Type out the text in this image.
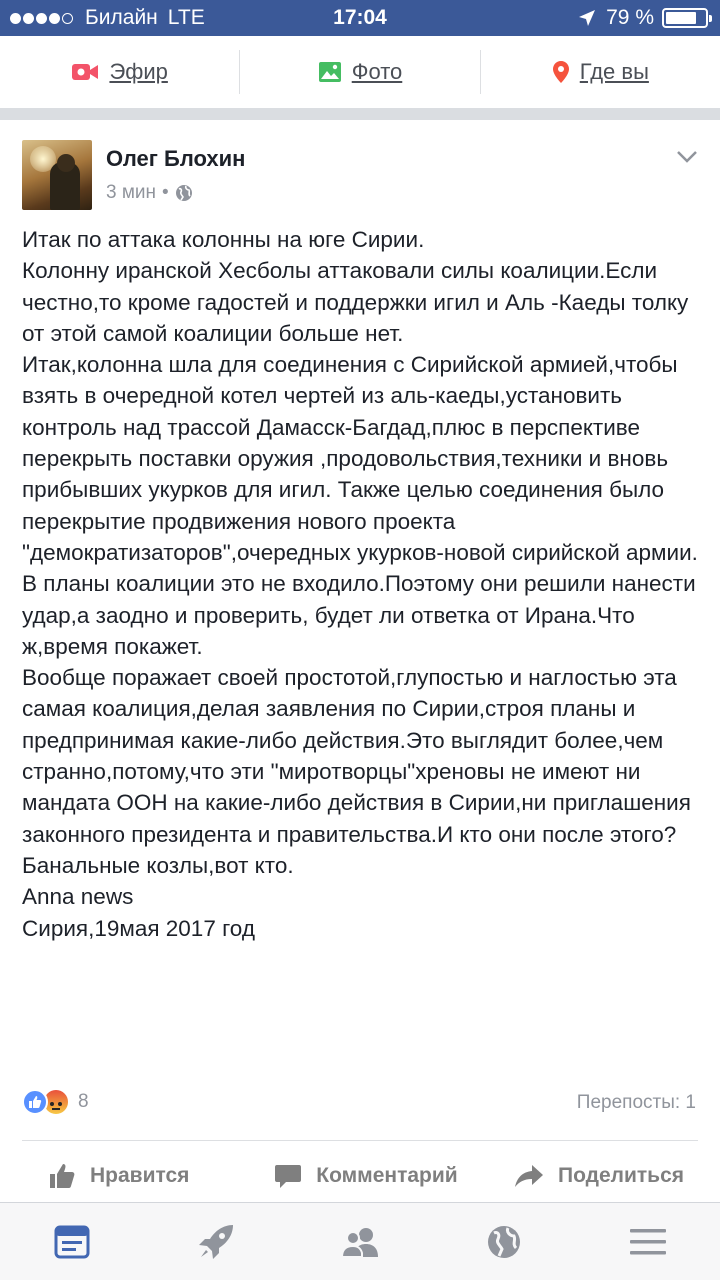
Билайн LTE	17:04	79 %
Эфир	Фото	Где вы
Олег Блохин
3 мин •
Итак по аттака колонны на юге Сирии.
Колонну иранской Хесболы аттаковали силы коалиции.Если честно,то кроме гадостей и поддержки игил и Аль -Каеды толку от этой самой коалиции больше нет.
Итак,колонна шла для соединения с Сирийской армией,чтобы взять в очередной котел чертей из аль-каеды,установить контроль над трассой Дамасск-Багдад,плюс в перспективе перекрыть поставки оружия ,продовольствия,техники и вновь прибывших укурков для игил. Также целью соединения было перекрытие продвижения нового проекта "демократизаторов",очередных укурков-новой сирийской армии.
В планы коалиции это не входило.Поэтому они решили нанести удар,а заодно и проверить, будет ли ответка от Ирана.Что ж,время покажет.
Вообще поражает своей простотой,глупостью и наглостью эта самая коалиция,делая заявления по Сирии,строя планы и предпринимая какие-либо действия.Это выглядит более,чем странно,потому,что эти "миротворцы"хреновы не имеют ни мандата ООН на какие-либо действия в Сирии,ни приглашения законного президента и правительства.И кто они после этого? Банальные козлы,вот кто.
Anna news
Сирия,19мая 2017 год
8	Перепосты: 1
Нравится	Комментарий	Поделиться
